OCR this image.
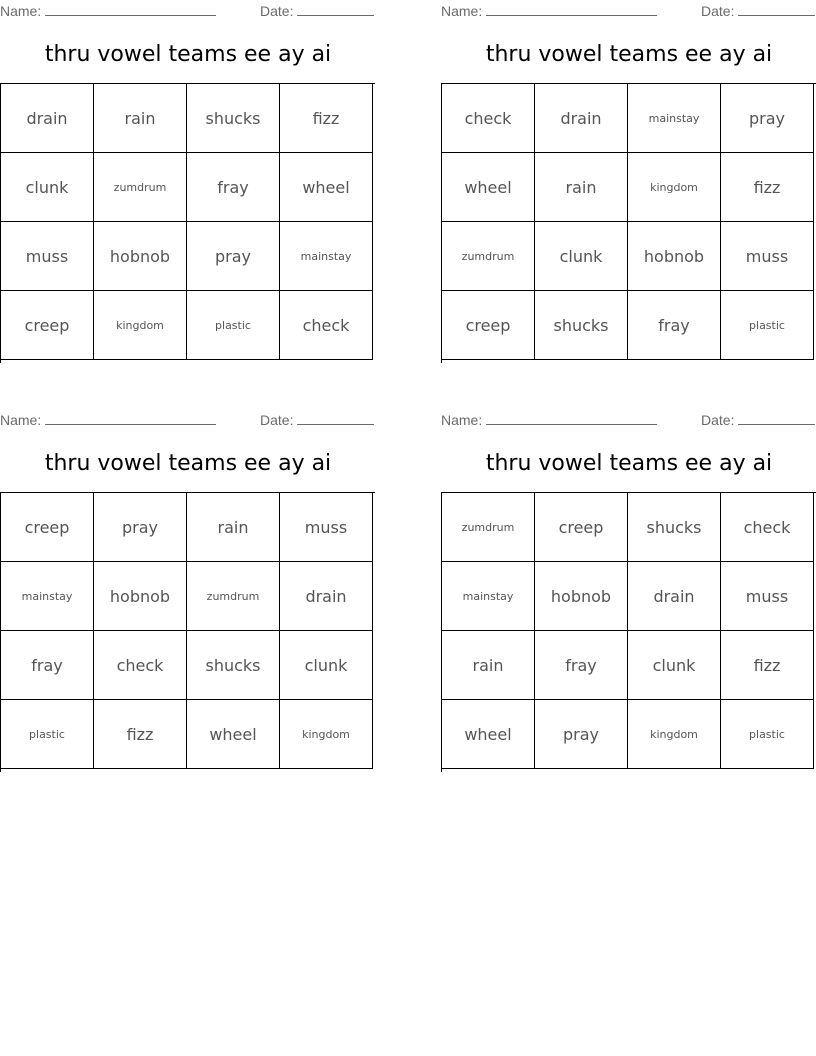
Name:	Date:
thru vowel teams ee ay ai
drain	rain	shucks	fizz
clunk	zumdrum	fray	wheel
muss	hobnob	pray	mainstay
creep	kingdom	plastic	check
Name:	Date:
thru vowel teams ee ay ai
check	drain	mainstay	pray
wheel	rain	kingdom	fizz
zumdrum	clunk	hobnob	muss
creep	shucks	fray	plastic
Name:	Date:
thru vowel teams ee ay ai
creep	pray	rain	muss
mainstay	hobnob	zumdrum	drain
fray	check	shucks	clunk
plastic	fizz	wheel	kingdom
Name:	Date:
thru vowel teams ee ay ai
zumdrum	creep	shucks	check
mainstay	hobnob	drain	muss
rain	fray	clunk	fizz
wheel	pray	kingdom	plastic
